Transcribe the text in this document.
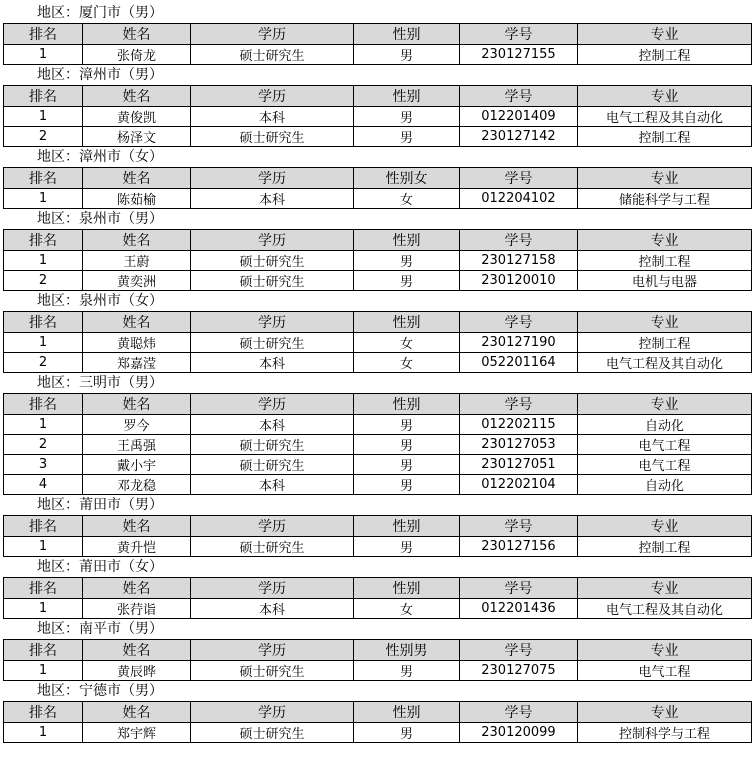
地区：厦门市（男）
排名	姓名	学历	性别	学号	专业
1	张倚龙	硕士研究生	男	230127155	控制工程
地区：漳州市（男）
排名	姓名	学历	性别	学号	专业
1	黄俊凯	本科	男	012201409	电气工程及其自动化
2	杨泽文	硕士研究生	男	230127142	控制工程
地区：漳州市（女）
排名	姓名	学历	性别女	学号	专业
1	陈茹榆	本科	女	012204102	储能科学与工程
地区：泉州市（男）
排名	姓名	学历	性别	学号	专业
1	王蔚	硕士研究生	男	230127158	控制工程
2	黄奕洲	硕士研究生	男	230120010	电机与电器
地区：泉州市（女）
排名	姓名	学历	性别	学号	专业
1	黄聪炜	硕士研究生	女	230127190	控制工程
2	郑嘉滢	本科	女	052201164	电气工程及其自动化
地区：三明市（男）
排名	姓名	学历	性别	学号	专业
1	罗今	本科	男	012202115	自动化
2	王禹强	硕士研究生	男	230127053	电气工程
3	戴小宇	硕士研究生	男	230127051	电气工程
4	邓龙稳	本科	男	012202104	自动化
地区：莆田市（男）
排名	姓名	学历	性别	学号	专业
1	黄升恺	硕士研究生	男	230127156	控制工程
地区：莆田市（女）
排名	姓名	学历	性别	学号	专业
1	张荇诣	本科	女	012201436	电气工程及其自动化
地区：南平市（男）
排名	姓名	学历	性别男	学号	专业
1	黄辰晔	硕士研究生	男	230127075	电气工程
地区：宁德市（男）
排名	姓名	学历	性别	学号	专业
1	郑宇辉	硕士研究生	男	230120099	控制科学与工程
